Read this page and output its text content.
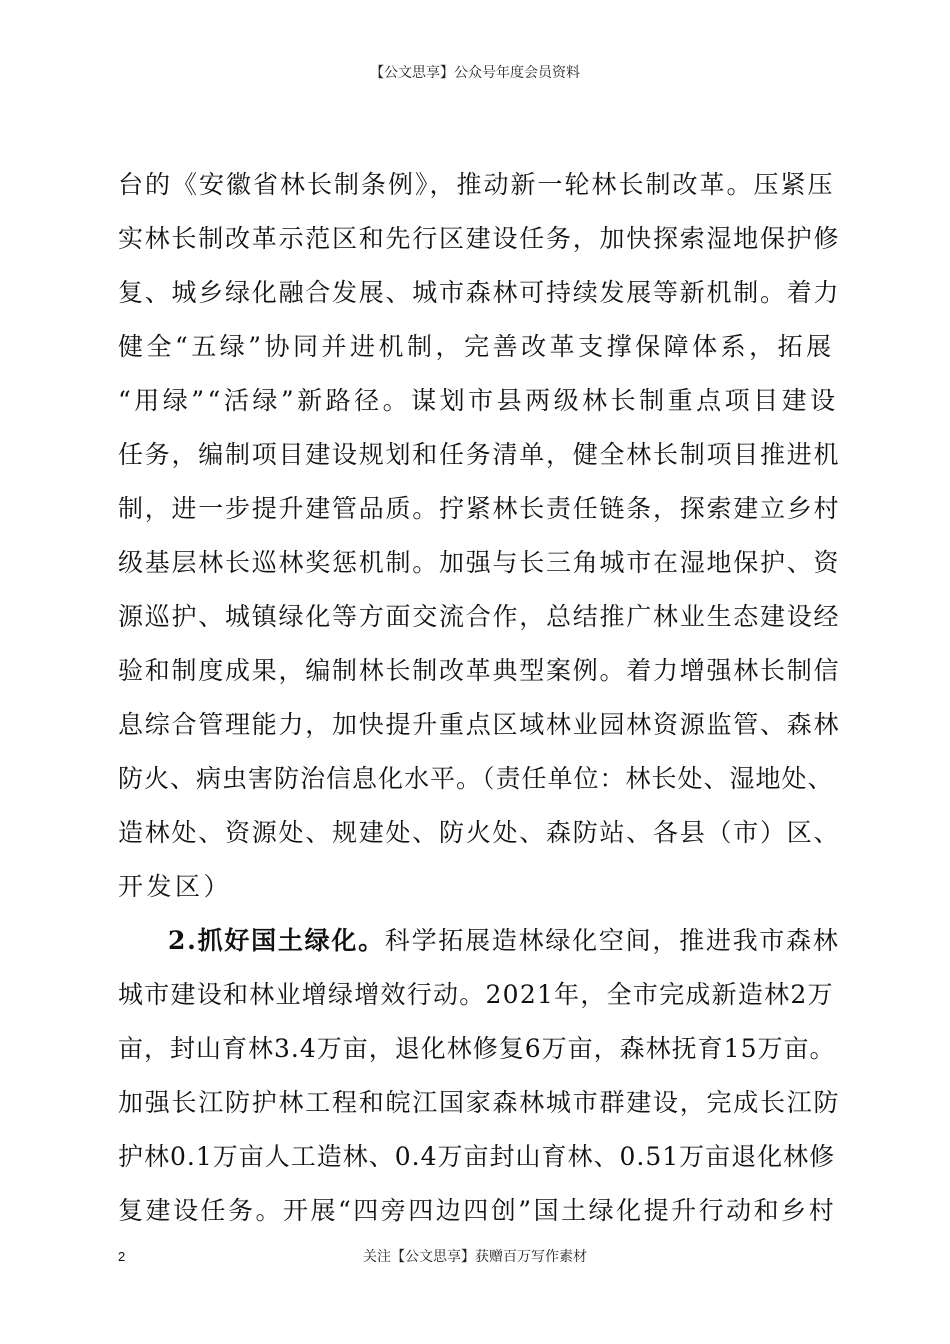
【公文思享】公众号年度会员资料
台的《安徽省林长制条例》，推动新一轮林长制改革。压紧压
实林长制改革示范区和先行区建设任务，加快探索湿地保护修
复、城乡绿化融合发展、城市森林可持续发展等新机制。着力
健全“五绿”协同并进机制，完善改革支撑保障体系，拓展
“用绿”“活绿”新路径。谋划市县两级林长制重点项目建设
任务，编制项目建设规划和任务清单，健全林长制项目推进机
制，进一步提升建管品质。拧紧林长责任链条，探索建立乡村
级基层林长巡林奖惩机制。加强与长三角城市在湿地保护、资
源巡护、城镇绿化等方面交流合作，总结推广林业生态建设经
验和制度成果，编制林长制改革典型案例。着力增强林长制信
息综合管理能力，加快提升重点区域林业园林资源监管、森林
防火、病虫害防治信息化水平。（责任单位：林长处、湿地处、
造林处、资源处、规建处、防火处、森防站、各县（市）区、
开发区）
2.抓好国土绿化。科学拓展造林绿化空间，推进我市森林
城市建设和林业增绿增效行动。2021年，全市完成新造林2万
亩，封山育林3.4万亩，退化林修复6万亩，森林抚育15万亩。
加强长江防护林工程和皖江国家森林城市群建设，完成长江防
护林0.1万亩人工造林、0.4万亩封山育林、0.51万亩退化林修
复建设任务。开展“四旁四边四创”国土绿化提升行动和乡村
2	关注【公文思享】获赠百万写作素材
